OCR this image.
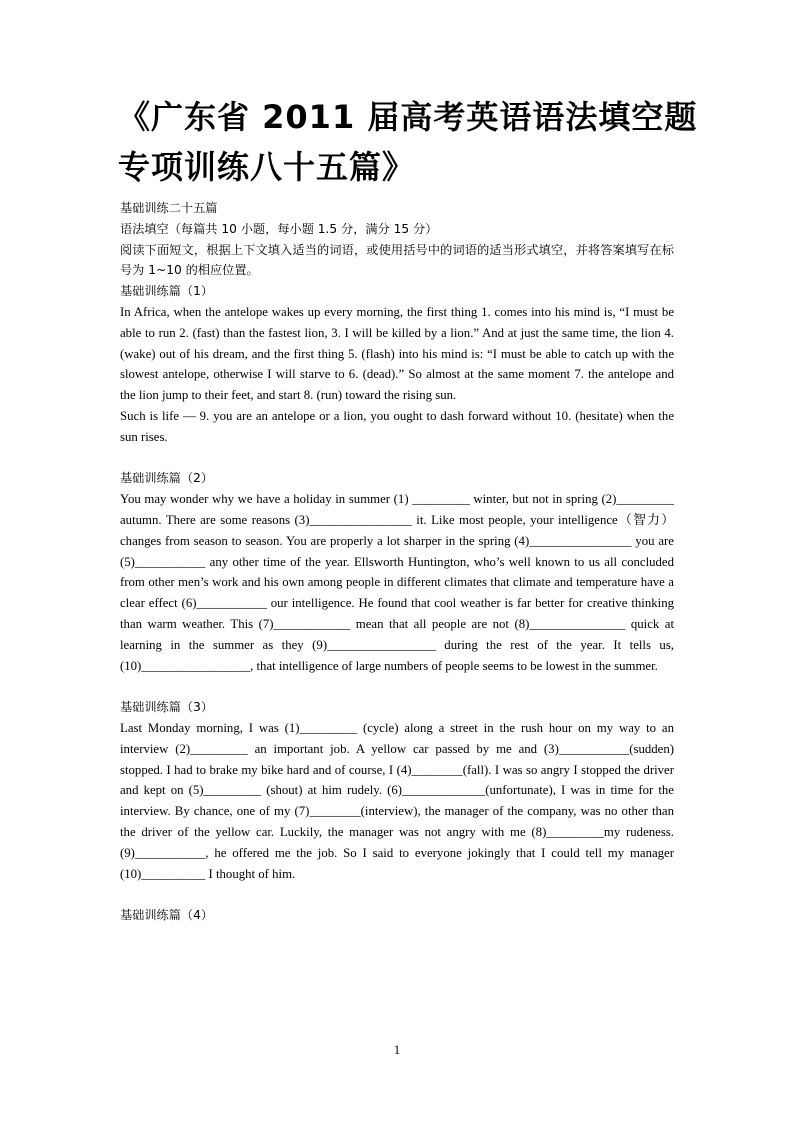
《广东省 2011 届高考英语语法填空题
专项训练八十五篇》

基础训练二十五篇

语法填空（每篇共 10 小题，每小题 1.5 分，满分 15 分）

阅读下面短文，根据上下文填入适当的词语，或使用括号中的词语的适当形式填空，并将答案填写在标号为 1~10 的相应位置。

基础训练篇（1）

In Africa, when the antelope wakes up every morning, the first thing 1. comes into his mind is, “I must be able to run 2. (fast) than the fastest lion, 3. I will be killed by a lion.” And at just the same time, the lion 4. (wake) out of his dream, and the first thing 5. (flash) into his mind is: “I must be able to catch up with the slowest antelope, otherwise I will starve to 6. (dead).” So almost at the same moment 7. the antelope and the lion jump to their feet, and start 8. (run) toward the rising sun.

Such is life — 9. you are an antelope or a lion, you ought to dash forward without 10. (hesitate) when the sun rises.

基础训练篇（2）

You may wonder why we have a holiday in summer (1) _________ winter, but not in spring (2)_________ autumn. There are some reasons (3)________________ it. Like most people, your intelligence（智力）changes from season to season. You are properly a lot sharper in the spring (4)________________ you are (5)___________ any other time of the year. Ellsworth Huntington, who’s well known to us all concluded from other men’s work and his own among people in different climates that climate and temperature have a clear effect (6)___________ our intelligence. He found that cool weather is far better for creative thinking than warm weather. This (7)____________ mean that all people are not (8)_______________ quick at learning in the summer as they (9)_________________ during the rest of the year. It tells us, (10)_________________, that intelligence of large numbers of people seems to be lowest in the summer.

基础训练篇（3）

Last Monday morning, I was (1)_________ (cycle) along a street in the rush hour on my way to an interview (2)_________ an important job. A yellow car passed by me and (3)___________(sudden) stopped. I had to brake my bike hard and of course, I (4)________(fall). I was so angry I stopped the driver and kept on (5)_________ (shout) at him rudely. (6)_____________(unfortunate), I was in time for the interview. By chance, one of my (7)________(interview), the manager of the company, was no other than the driver of the yellow car. Luckily, the manager was not angry with me (8)_________my rudeness. (9)___________, he offered me the job. So I said to everyone jokingly that I could tell my manager (10)__________ I thought of him.

基础训练篇（4）

1
